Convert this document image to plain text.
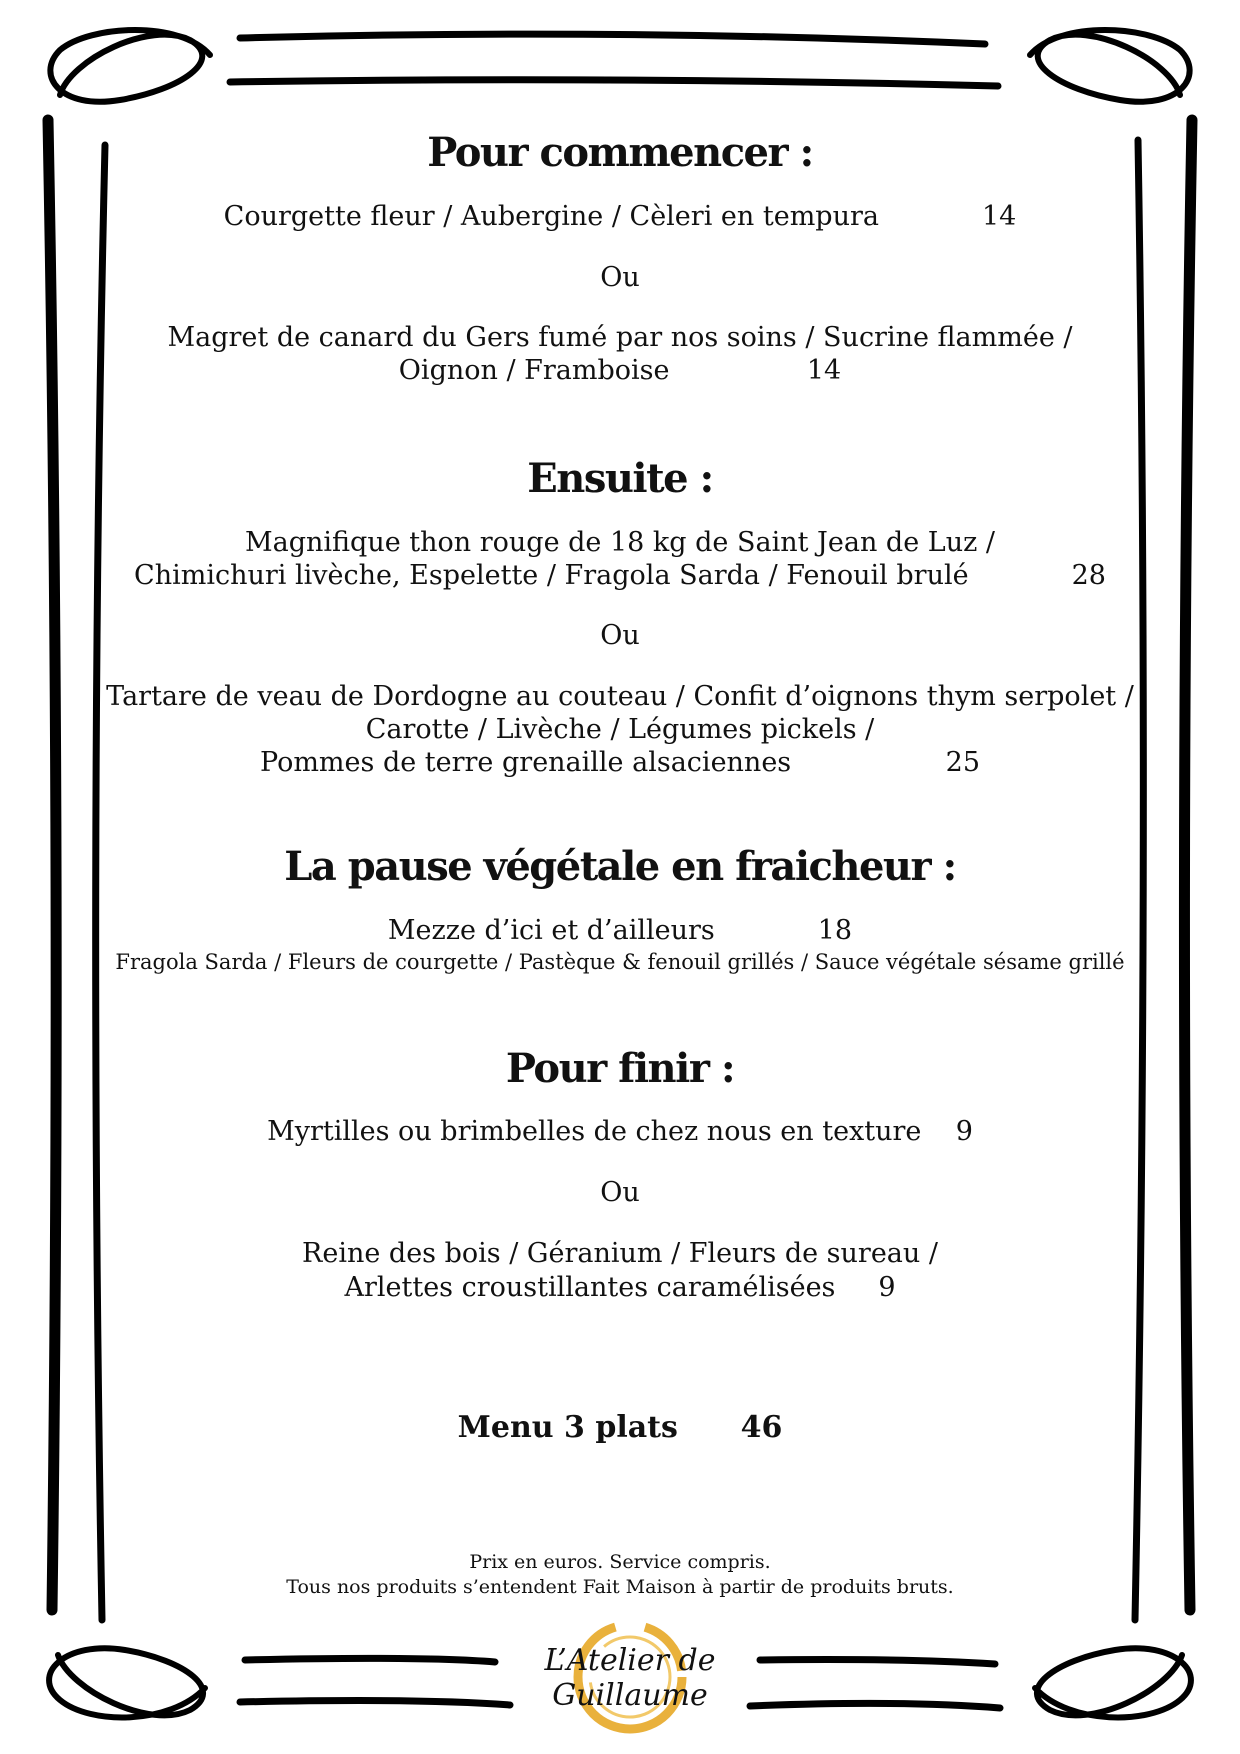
Pour commencer :
Courgette fleur / Aubergine / Cèleri en tempura            14
Ou
Magret de canard du Gers fumé par nos soins / Sucrine flammée /
Oignon / Framboise                14
Ensuite :
Magnifique thon rouge de 18 kg de Saint Jean de Luz /
Chimichuri livèche, Espelette / Fragola Sarda / Fenouil brulé            28
Ou
Tartare de veau de Dordogne au couteau / Confit d’oignons thym serpolet /
Carotte / Livèche / Légumes pickels /
Pommes de terre grenaille alsaciennes                  25
La pause végétale en fraicheur :
Mezze d’ici et d’ailleurs            18
Fragola Sarda / Fleurs de courgette / Pastèque & fenouil grillés / Sauce végétale sésame grillé
Pour finir :
Myrtilles ou brimbelles de chez nous en texture    9
Ou
Reine des bois / Géranium / Fleurs de sureau /
Arlettes croustillantes caramélisées     9
Menu 3 plats      46
Prix en euros. Service compris.
Tous nos produits s’entendent Fait Maison à partir de produits bruts.
L’Atelier de Guillaume
